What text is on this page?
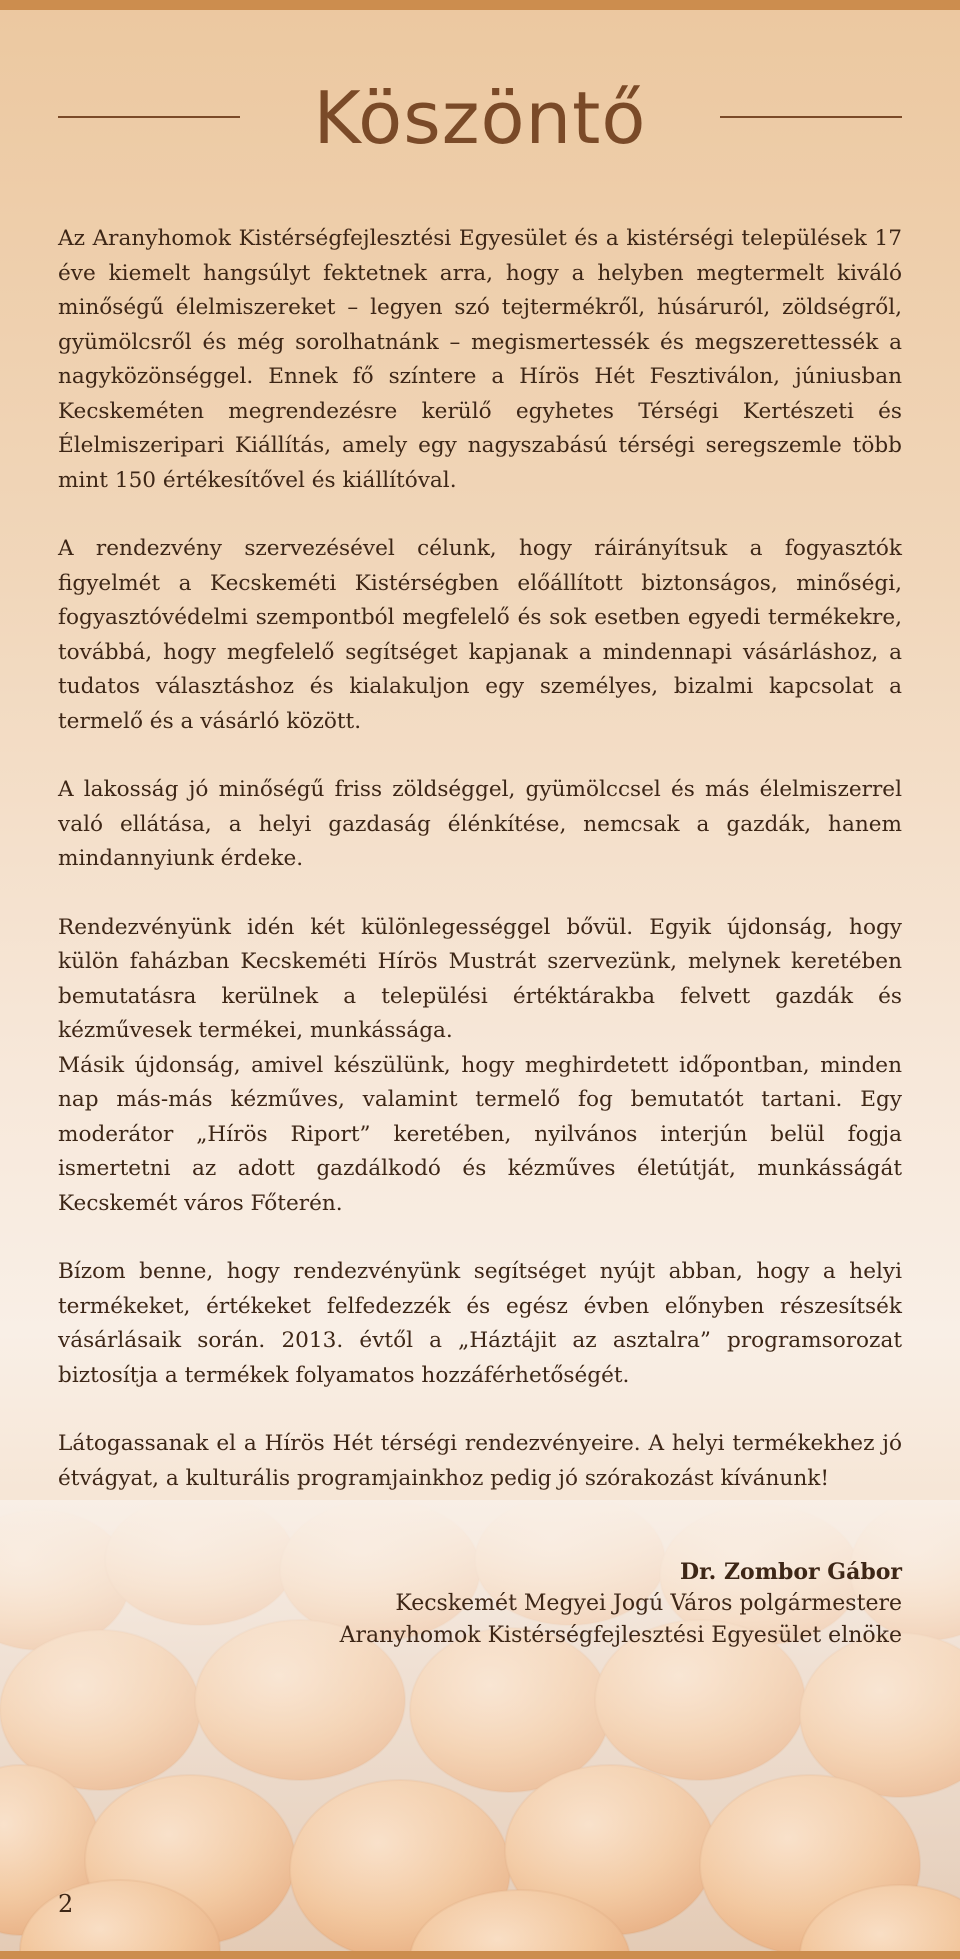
Köszöntő

Az Aranyhomok Kistérségfejlesztési Egyesület és a kistérségi települések 17 éve kiemelt hangsúlyt fektetnek arra, hogy a helyben megtermelt kiváló minőségű élelmiszereket – legyen szó tejtermékről, húsáruról, zöldségről, gyümölcsről és még sorolhatnánk – megismertessék és megszerettessék a nagyközönséggel. Ennek fő színtere a Hírös Hét Fesztiválon, júniusban Kecskeméten megrendezésre kerülő egyhetes Térségi Kertészeti és Élelmiszeripari Kiállítás, amely egy nagyszabású térségi seregszemle több mint 150 értékesítővel és kiállítóval.

A rendezvény szervezésével célunk, hogy ráirányítsuk a fogyasztók figyelmét a Kecskeméti Kistérségben előállított biztonságos, minőségi, fogyasztóvédelmi szempontból megfelelő és sok esetben egyedi termékekre, továbbá, hogy megfelelő segítséget kapjanak a mindennapi vásárláshoz, a tudatos választáshoz és kialakuljon egy személyes, bizalmi kapcsolat a termelő és a vásárló között.

A lakosság jó minőségű friss zöldséggel, gyümölccsel és más élelmiszerrel való ellátása, a helyi gazdaság élénkítése, nemcsak a gazdák, hanem mindannyiunk érdeke.

Rendezvényünk idén két különlegességgel bővül. Egyik újdonság, hogy külön faházban Kecskeméti Hírös Mustrát szervezünk, melynek keretében bemutatásra kerülnek a települési értéktárakba felvett gazdák és kézművesek termékei, munkássága.

Másik újdonság, amivel készülünk, hogy meghirdetett időpontban, minden nap más-más kézműves, valamint termelő fog bemutatót tartani. Egy moderátor „Hírös Riport” keretében, nyilvános interjún belül fogja ismertetni az adott gazdálkodó és kézműves életútját, munkásságát Kecskemét város Főterén.

Bízom benne, hogy rendezvényünk segítséget nyújt abban, hogy a helyi termékeket, értékeket felfedezzék és egész évben előnyben részesítsék vásárlásaik során. 2013. évtől a „Háztájit az asztalra” programsorozat biztosítja a termékek folyamatos hozzáférhetőségét.

Látogassanak el a Hírös Hét térségi rendezvényeire. A helyi termékekhez jó étvágyat, a kulturális programjainkhoz pedig jó szórakozást kívánunk!

Dr. Zombor Gábor
Kecskemét Megyei Jogú Város polgármestere
Aranyhomok Kistérségfejlesztési Egyesület elnöke
2
